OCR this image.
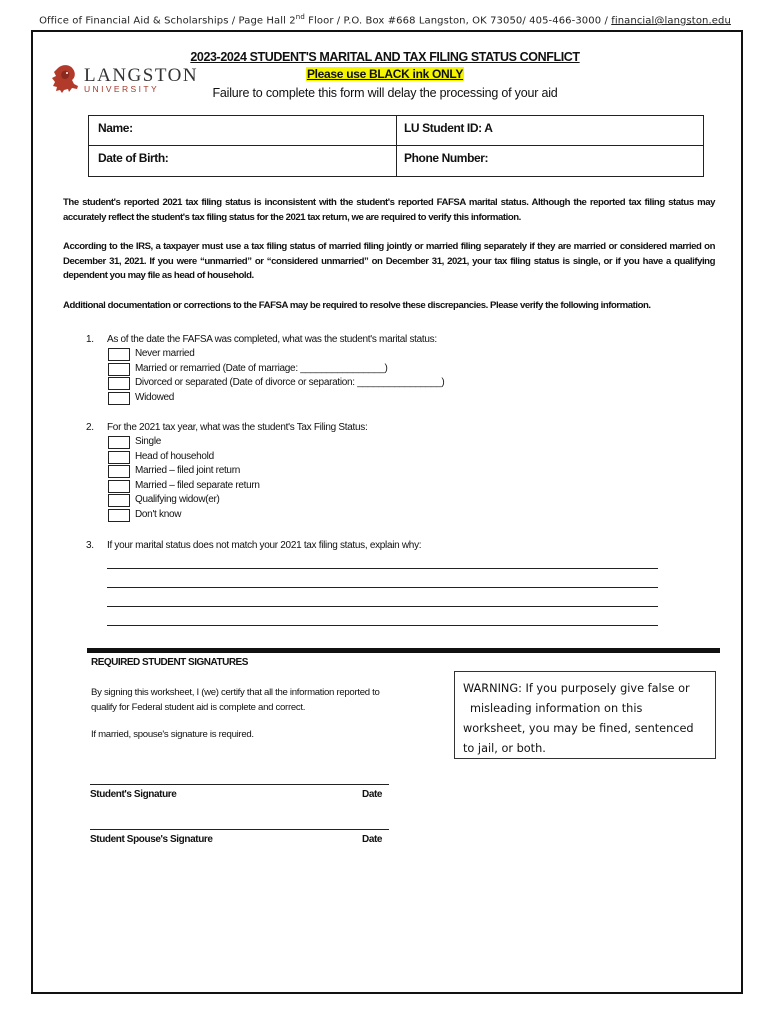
Office of Financial Aid & Scholarships / Page Hall 2nd Floor / P.O. Box #668 Langston, OK 73050/ 405-466-3000 / financial@langston.edu
LANGSTON
UNIVERSITY
2023-2024 STUDENT'S MARITAL AND TAX FILING STATUS CONFLICT
Please use BLACK ink ONLY
Failure to complete this form will delay the processing of your aid
Name:	LU Student ID: A
Date of Birth:	Phone Number:
The student's reported 2021 tax filing status is inconsistent with the student's reported FAFSA marital status. Although the reported tax filing status may accurately reflect the student's tax filing status for the 2021 tax return, we are required to verify this information.
According to the IRS, a taxpayer must use a tax filing status of married filing jointly or married filing separately if they are married or considered married on December 31, 2021. If you were “unmarried” or “considered unmarried” on December 31, 2021, your tax filing status is single, or if you have a qualifying dependent you may file as head of household.
Additional documentation or corrections to the FAFSA may be required to resolve these discrepancies. Please verify the following information.
1. As of the date the FAFSA was completed, what was the student's marital status:
Never married
Married or remarried (Date of marriage: ________________)
Divorced or separated (Date of divorce or separation: ________________)
Widowed
2. For the 2021 tax year, what was the student's Tax Filing Status:
Single
Head of household
Married – filed joint return
Married – filed separate return
Qualifying widow(er)
Don't know
3. If your marital status does not match your 2021 tax filing status, explain why:
REQUIRED STUDENT SIGNATURES
By signing this worksheet, I (we) certify that all the information reported to qualify for Federal student aid is complete and correct.
If married, spouse's signature is required.
WARNING: If you purposely give false or
misleading information on this
worksheet, you may be fined, sentenced
to jail, or both.
Student's Signature	Date
Student Spouse's Signature	Date
